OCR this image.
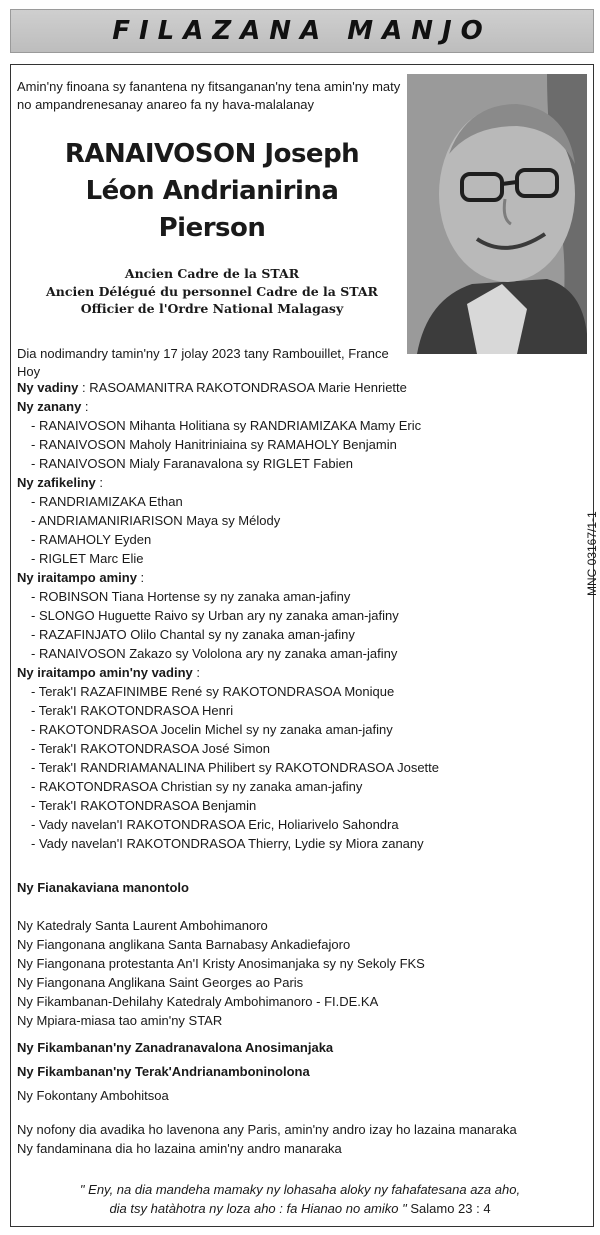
FILAZANA MANJO
Amin'ny finoana sy fanantena ny fitsanganan'ny tena amin'ny maty no ampandrenesanay anareo fa ny hava-malalanay
RANAIVOSON Joseph
Léon Andrianirina
Pierson
Ancien Cadre de la STAR
Ancien Délégué du personnel Cadre de la STAR
Officier de l'Ordre National Malagasy
Dia nodimandry tamin'ny 17 jolay 2023 tany Rambouillet, France Hoy
Ny vadiny : RASOAMANITRA RAKOTONDRASOA Marie Henriette
Ny zanany :
- RANAIVOSON Mihanta Holitiana sy RANDRIAMIZAKA Mamy Eric
- RANAIVOSON Maholy Hanitriniaina sy RAMAHOLY Benjamin
- RANAIVOSON Mialy Faranavalona sy RIGLET Fabien
Ny zafikeliny :
- RANDRIAMIZAKA Ethan
- ANDRIAMANIRIARISON Maya sy Mélody
- RAMAHOLY Eyden
- RIGLET Marc Elie
Ny iraitampo aminy :
- ROBINSON Tiana Hortense sy ny zanaka aman-jafiny
- SLONGO Huguette Raivo sy Urban ary ny zanaka aman-jafiny
- RAZAFINJATO Olilo Chantal sy ny zanaka aman-jafiny
- RANAIVOSON Zakazo sy Vololona ary ny zanaka aman-jafiny
Ny iraitampo amin'ny vadiny :
- Terak'I RAZAFINIMBE René sy RAKOTONDRASOA Monique
- Terak'I RAKOTONDRASOA Henri
- RAKOTONDRASOA Jocelin Michel sy ny zanaka aman-jafiny
- Terak'I RAKOTONDRASOA José Simon
- Terak'I RANDRIAMANALINA Philibert sy RAKOTONDRASOA Josette
- RAKOTONDRASOA Christian sy ny zanaka aman-jafiny
- Terak'I RAKOTONDRASOA Benjamin
- Vady navelan'I RAKOTONDRASOA Eric, Holiarivelo Sahondra
- Vady navelan'I RAKOTONDRASOA Thierry, Lydie sy Miora zanany
Ny Fianakaviana manontolo
Ny Katedraly Santa Laurent Ambohimanoro
Ny Fiangonana anglikana Santa Barnabasy Ankadiefajoro
Ny Fiangonana protestanta An'I Kristy Anosimanjaka sy ny Sekoly FKS
Ny Fiangonana Anglikana Saint Georges ao Paris
Ny Fikambanan-Dehilahy Katedraly Ambohimanoro - FI.DE.KA
Ny Mpiara-miasa tao amin'ny STAR
Ny Fikambanan'ny Zanadranavalona Anosimanjaka
Ny Fikambanan'ny Terak'Andrianamboninolona
Ny Fokontany Ambohitsoa
Ny nofony dia avadika ho lavenona any Paris, amin'ny andro izay ho lazaina manaraka
Ny fandaminana dia ho lazaina amin'ny andro manaraka
" Eny, na dia mandeha mamaky ny lohasaha aloky ny fahafatesana aza aho,
dia tsy hatàhotra ny loza aho : fa Hianao no amiko " Salamo 23 : 4
MNC 03167/1-1
